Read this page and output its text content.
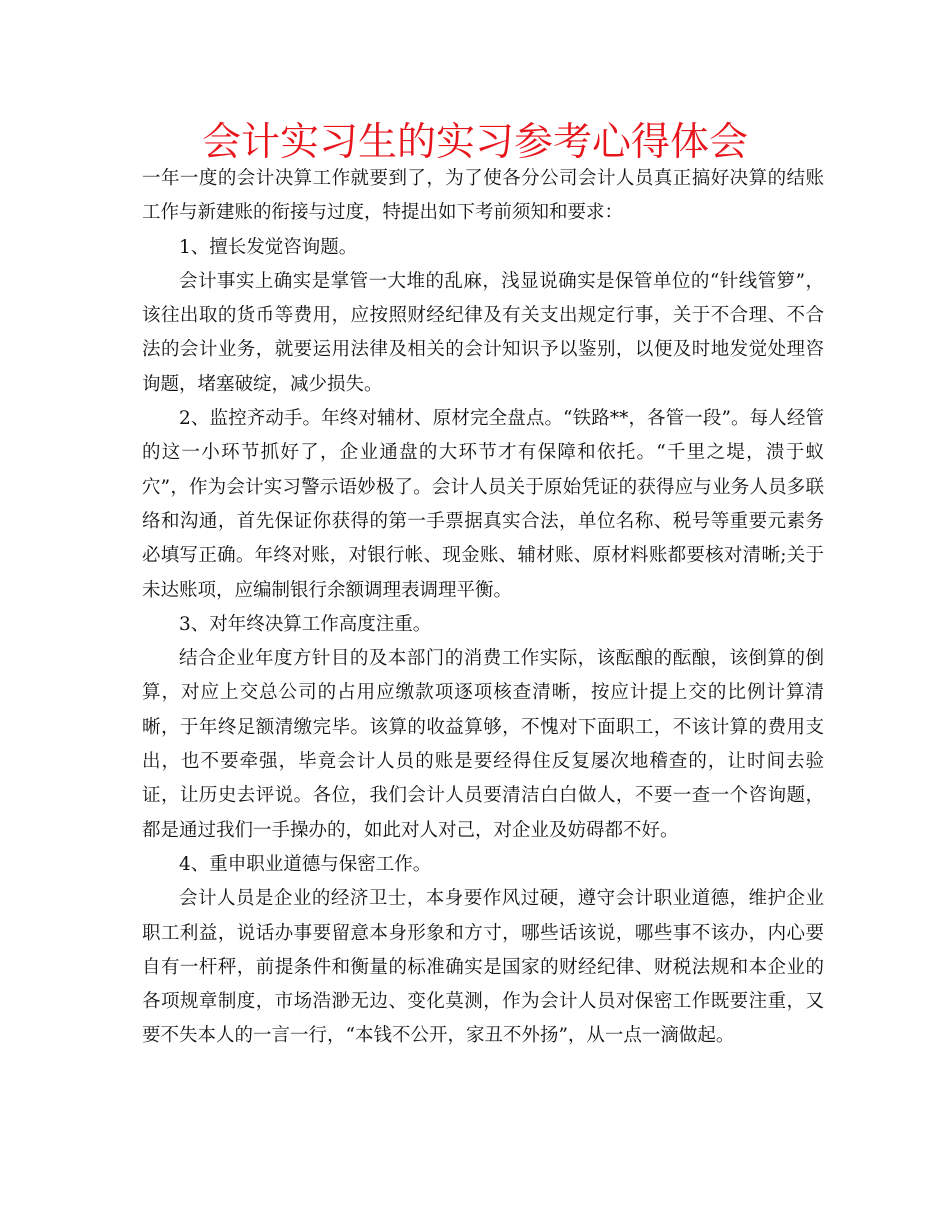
会计实习生的实习参考心得体会

一年一度的会计决算工作就要到了，为了使各分公司会计人员真正搞好决算的结账工作与新建账的衔接与过度，特提出如下考前须知和要求：

1、擅长发觉咨询题。

会计事实上确实是掌管一大堆的乱麻，浅显说确实是保管单位的“针线管箩”，该往出取的货币等费用，应按照财经纪律及有关支出规定行事，关于不合理、不合法的会计业务，就要运用法律及相关的会计知识予以鉴别，以便及时地发觉处理咨询题，堵塞破绽，减少损失。

2、监控齐动手。年终对辅材、原材完全盘点。“铁路**，各管一段”。每人经管的这一小环节抓好了，企业通盘的大环节才有保障和依托。“千里之堤，溃于蚁穴”，作为会计实习警示语妙极了。会计人员关于原始凭证的获得应与业务人员多联络和沟通，首先保证你获得的第一手票据真实合法，单位名称、税号等重要元素务必填写正确。年终对账，对银行帐、现金账、辅材账、原材料账都要核对清晰;关于未达账项，应编制银行余额调理表调理平衡。

3、对年终决算工作高度注重。

结合企业年度方针目的及本部门的消费工作实际，该酝酿的酝酿，该倒算的倒算，对应上交总公司的占用应缴款项逐项核查清晰，按应计提上交的比例计算清晰，于年终足额清缴完毕。该算的收益算够，不愧对下面职工，不该计算的费用支出，也不要牵强，毕竟会计人员的账是要经得住反复屡次地稽查的，让时间去验证，让历史去评说。各位，我们会计人员要清洁白白做人，不要一查一个咨询题，都是通过我们一手操办的，如此对人对己，对企业及妨碍都不好。

4、重申职业道德与保密工作。

会计人员是企业的经济卫士，本身要作风过硬，遵守会计职业道德，维护企业职工利益，说话办事要留意本身形象和方寸，哪些话该说，哪些事不该办，内心要自有一杆秤，前提条件和衡量的标准确实是国家的财经纪律、财税法规和本企业的各项规章制度，市场浩渺无边、变化莫测，作为会计人员对保密工作既要注重，又要不失本人的一言一行，“本钱不公开，家丑不外扬”，从一点一滴做起。
